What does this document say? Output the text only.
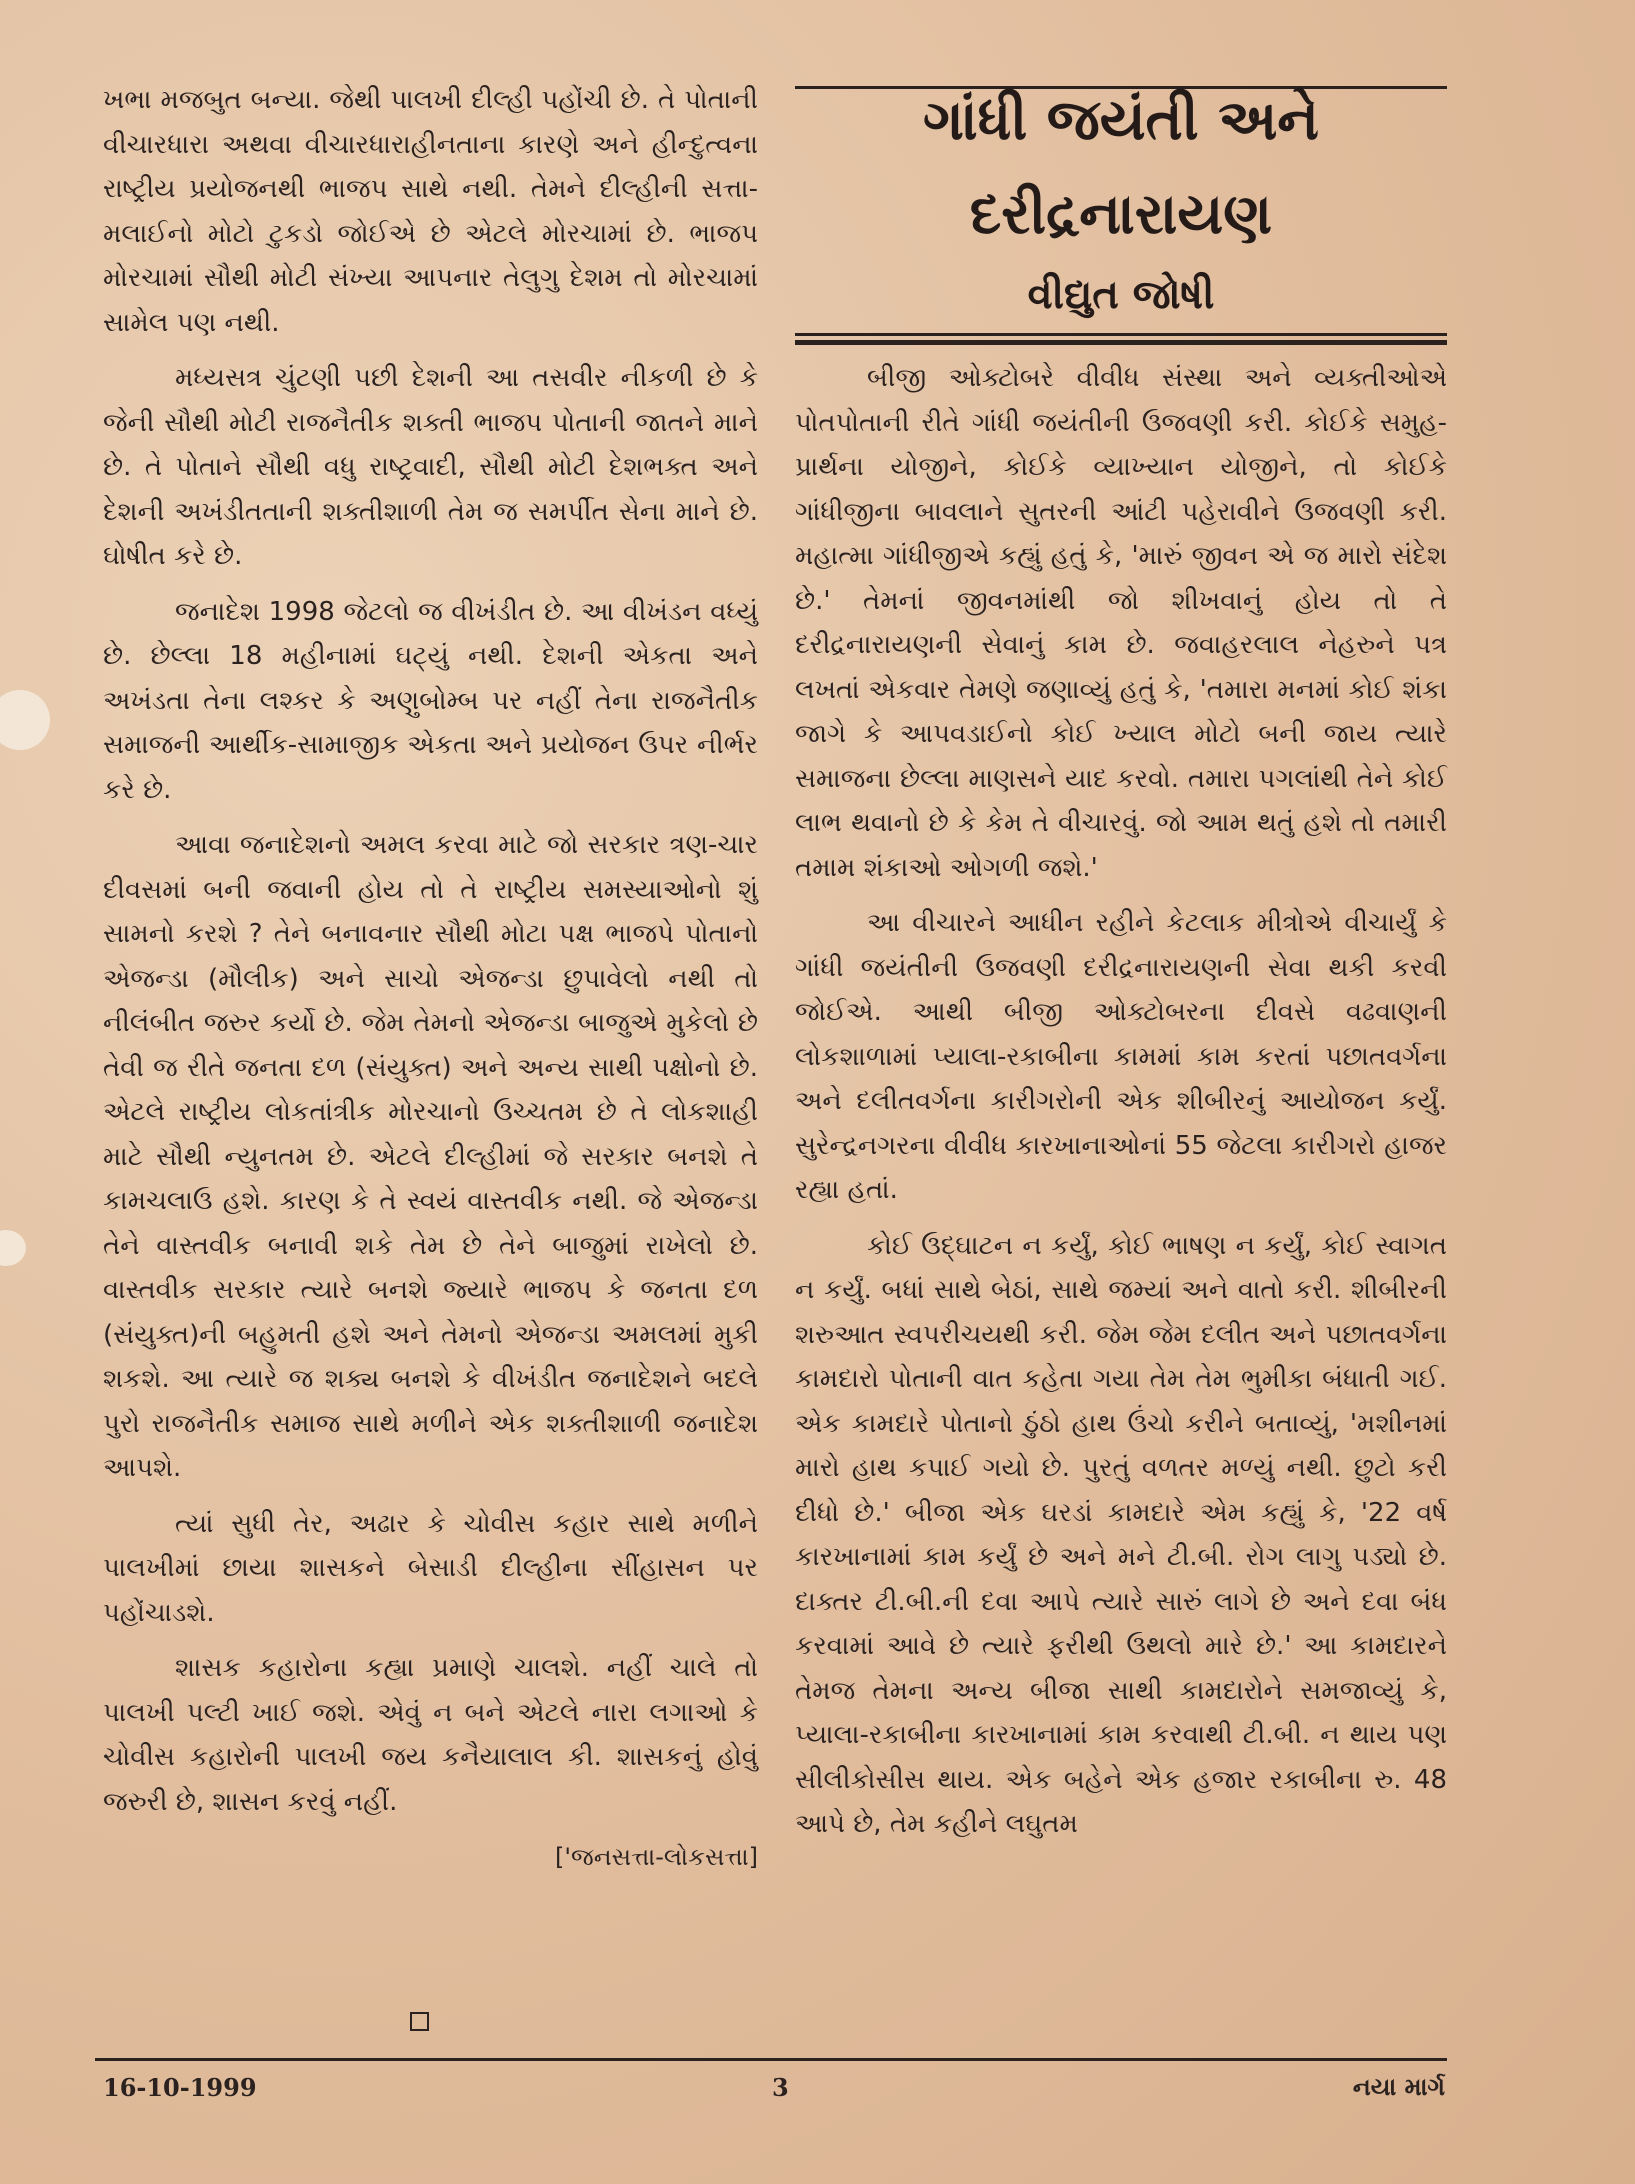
ખભા મજબુત બન્યા. જેથી પાલખી દીલ્હી પહોંચી છે. તે પોતાની વીચારધારા અથવા વીચારધારાહીનતાના કારણે અને હીન્દુત્વના રાષ્ટ્રીય પ્રયોજનથી ભાજપ સાથે નથી. તેમને દીલ્હીની સત્તા-મલાઈનો મોટો ટુકડો જોઈએ છે એટલે મોરચામાં છે. ભાજપ મોરચામાં સૌથી મોટી સંખ્યા આપનાર તેલુગુ દેશમ તો મોરચામાં સામેલ પણ નથી.

મધ્યસત્ર ચુંટણી પછી દેશની આ તસવીર નીકળી છે કે જેની સૌથી મોટી રાજનૈતીક શક્તી ભાજપ પોતાની જાતને માને છે. તે પોતાને સૌથી વધુ રાષ્ટ્રવાદી, સૌથી મોટી દેશભક્ત અને દેશની અખંડીતતાની શક્તીશાળી તેમ જ સમર્પીત સેના માને છે. ઘોષીત કરે છે.

જનાદેશ 1998 જેટલો જ વીખંડીત છે. આ વીખંડન વધ્યું છે. છેલ્લા 18 મહીનામાં ઘટ્યું નથી. દેશની એકતા અને અખંડતા તેના લશ્કર કે અણુબોમ્બ પર નહીં તેના રાજનૈતીક સમાજની આર્થીક-સામાજીક એકતા અને પ્રયોજન ઉપર નીર્ભર કરે છે.

આવા જનાદેશનો અમલ કરવા માટે જો સરકાર ત્રણ-ચાર દીવસમાં બની જવાની હોય તો તે રાષ્ટ્રીય સમસ્યાઓનો શું સામનો કરશે ? તેને બનાવનાર સૌથી મોટા પક્ષ ભાજપે પોતાનો એજન્ડા (મૌલીક) અને સાચો એજન્ડા છુપાવેલો નથી તો નીલંબીત જરુર કર્યો છે. જેમ તેમનો એજન્ડા બાજુએ મુકેલો છે તેવી જ રીતે જનતા દળ (સંયુક્ત) અને અન્ય સાથી પક્ષોનો છે. એટલે રાષ્ટ્રીય લોકતાંત્રીક મોરચાનો ઉચ્ચતમ છે તે લોકશાહી માટે સૌથી ન્યુનતમ છે. એટલે દીલ્હીમાં જે સરકાર બનશે તે કામચલાઉ હશે. કારણ કે તે સ્વયં વાસ્તવીક નથી. જે એજન્ડા તેને વાસ્તવીક બનાવી શકે તેમ છે તેને બાજુમાં રાખેલો છે. વાસ્તવીક સરકાર ત્યારે બનશે જ્યારે ભાજપ કે જનતા દળ (સંયુક્ત)ની બહુમતી હશે અને તેમનો એજન્ડા અમલમાં મુકી શકશે. આ ત્યારે જ શક્ય બનશે કે વીખંડીત જનાદેશને બદલે પુરો રાજનૈતીક સમાજ સાથે મળીને એક શક્તીશાળી જનાદેશ આપશે.

ત્યાં સુધી તેર, અઢાર કે ચોવીસ કહાર સાથે મળીને પાલખીમાં છાયા શાસકને બેસાડી દીલ્હીના સીંહાસન પર પહોંચાડશે.

શાસક કહારોના કહ્યા પ્રમાણે ચાલશે. નહીં ચાલે તો પાલખી પલ્ટી ખાઈ જશે. એવું ન બને એટલે નારા લગાઓ કે ચોવીસ કહારોની પાલખી જય કનૈયાલાલ કી. શાસકનું હોવું જરુરી છે, શાસન કરવું નહીં.

['જનસત્તા-લોકસત્તા]
ગાંધી જયંતી અને
દરીદ્રનારાયણ
વીદ્યુત જોષી

બીજી ઓક્ટોબરે વીવીધ સંસ્થા અને વ્યક્તીઓએ પોતપોતાની રીતે ગાંધી જયંતીની ઉજવણી કરી. કોઈકે સમુહ-પ્રાર્થના યોજીને, કોઈકે વ્યાખ્યાન યોજીને, તો કોઈકે ગાંધીજીના બાવલાને સુતરની આંટી પહેરાવીને ઉજવણી કરી. મહાત્મા ગાંધીજીએ કહ્યું હતું કે, 'મારું જીવન એ જ મારો સંદેશ છે.' તેમનાં જીવનમાંથી જો શીખવાનું હોય તો તે દરીદ્રનારાયણની સેવાનું કામ છે. જવાહરલાલ નેહરુને પત્ર લખતાં એકવાર તેમણે જણાવ્યું હતું કે, 'તમારા મનમાં કોઈ શંકા જાગે કે આપવડાઈનો કોઈ ખ્યાલ મોટો બની જાય ત્યારે સમાજના છેલ્લા માણસને યાદ કરવો. તમારા પગલાંથી તેને કોઈ લાભ થવાનો છે કે કેમ તે વીચારવું. જો આમ થતું હશે તો તમારી તમામ શંકાઓ ઓગળી જશે.'

આ વીચારને આધીન રહીને કેટલાક મીત્રોએ વીચાર્યું કે ગાંધી જયંતીની ઉજવણી દરીદ્રનારાયણની સેવા થકી કરવી જોઈએ. આથી બીજી ઓક્ટોબરના દીવસે વઢવાણની લોકશાળામાં પ્યાલા-રકાબીના કામમાં કામ કરતાં પછાતવર્ગના અને દલીતવર્ગના કારીગરોની એક શીબીરનું આયોજન કર્યું. સુરેન્દ્રનગરના વીવીધ કારખાનાઓનાં 55 જેટલા કારીગરો હાજર રહ્યા હતાં.

કોઈ ઉદ્‌ઘાટન ન કર્યું, કોઈ ભાષણ ન કર્યું, કોઈ સ્વાગત ન કર્યું. બધાં સાથે બેઠાં, સાથે જમ્યાં અને વાતો કરી. શીબીરની શરુઆત સ્વપરીચયથી કરી. જેમ જેમ દલીત અને પછાતવર્ગના કામદારો પોતાની વાત કહેતા ગયા તેમ તેમ ભુમીકા બંધાતી ગઈ. એક કામદારે પોતાનો ઠુંઠો હાથ ઉંચો કરીને બતાવ્યું, 'મશીનમાં મારો હાથ કપાઈ ગયો છે. પુરતું વળતર મળ્યું નથી. છુટો કરી દીધો છે.' બીજા એક ઘરડાં કામદારે એમ કહ્યું કે, '22 વર્ષ કારખાનામાં કામ કર્યું છે અને મને ટી.બી. રોગ લાગુ પડ્યો છે. દાક્તર ટી.બી.ની દવા આપે ત્યારે સારું લાગે છે અને દવા બંધ કરવામાં આવે છે ત્યારે ફરીથી ઉથલો મારે છે.' આ કામદારને તેમજ તેમના અન્ય બીજા સાથી કામદારોને સમજાવ્યું કે, પ્યાલા-રકાબીના કારખાનામાં કામ કરવાથી ટી.બી. ન થાય પણ સીલીકોસીસ થાય. એક બહેને એક હજાર રકાબીના રુ. 48 આપે છે, તેમ કહીને લઘુતમ

16-10-1999	3	નયા માર્ગ
